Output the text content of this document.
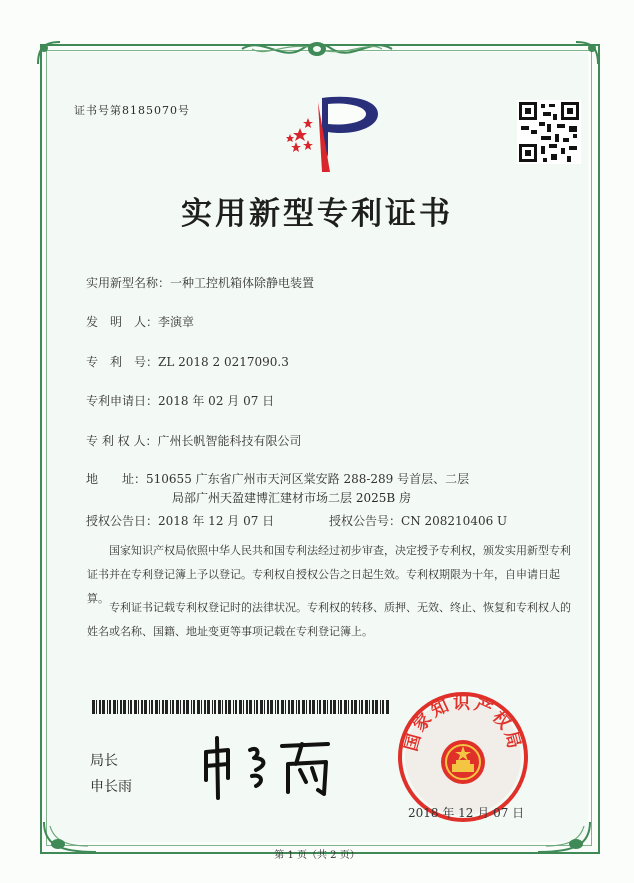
证书号第8185070号
实用新型专利证书
实用新型名称：一种工控机箱体除静电装置
发　明　人：李演章
专　利　号：ZL 2018 2 0217090.3
专利申请日：2018 年 02 月 07 日
专 利 权 人：广州长帆智能科技有限公司
地　　址：510655 广东省广州市天河区棠安路 288-289 号首层、二层
局部广州天盈建博汇建材市场二层 2025B 房
授权公告日：2018 年 12 月 07 日	授权公告号：CN 208210406 U
国家知识产权局依照中华人民共和国专利法经过初步审查，决定授予专利权，颁发实用新型专利证书并在专利登记簿上予以登记。专利权自授权公告之日起生效。专利权期限为十年，自申请日起算。
专利证书记载专利权登记时的法律状况。专利权的转移、质押、无效、终止、恢复和专利权人的姓名或名称、国籍、地址变更等事项记载在专利登记簿上。
局长
申长雨
国家知识产权局
2018 年 12 月 07 日
第 1 页（共 2 页）
